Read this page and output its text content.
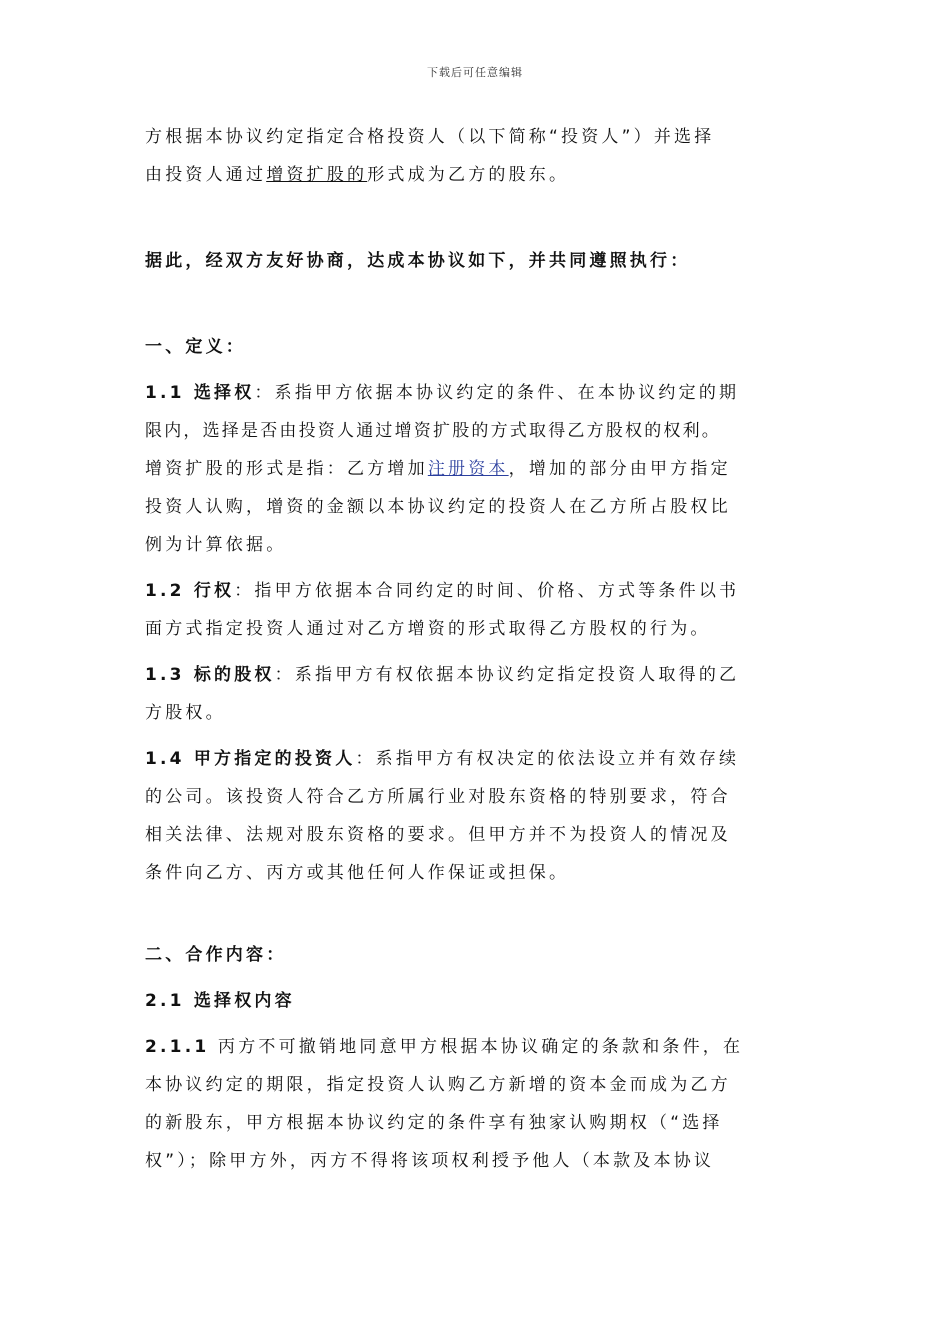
下载后可任意编辑

方根据本协议约定指定合格投资人（以下简称“投资人”）并选择

由投资人通过增资扩股的形式成为乙方的股东。

据此，经双方友好协商，达成本协议如下，并共同遵照执行：

一、定义：

1.1 选择权：系指甲方依据本协议约定的条件、在本协议约定的期

限内，选择是否由投资人通过增资扩股的方式取得乙方股权的权利。

增资扩股的形式是指：乙方增加注册资本，增加的部分由甲方指定

投资人认购，增资的金额以本协议约定的投资人在乙方所占股权比

例为计算依据。

1.2 行权：指甲方依据本合同约定的时间、价格、方式等条件以书

面方式指定投资人通过对乙方增资的形式取得乙方股权的行为。

1.3 标的股权：系指甲方有权依据本协议约定指定投资人取得的乙

方股权。

1.4 甲方指定的投资人：系指甲方有权决定的依法设立并有效存续

的公司。该投资人符合乙方所属行业对股东资格的特别要求，符合

相关法律、法规对股东资格的要求。但甲方并不为投资人的情况及

条件向乙方、丙方或其他任何人作保证或担保。

二、合作内容：

2.1 选择权内容

2.1.1 丙方不可撤销地同意甲方根据本协议确定的条款和条件，在

本协议约定的期限，指定投资人认购乙方新增的资本金而成为乙方

的新股东，甲方根据本协议约定的条件享有独家认购期权（“选择

权”）；除甲方外，丙方不得将该项权利授予他人（本款及本协议
